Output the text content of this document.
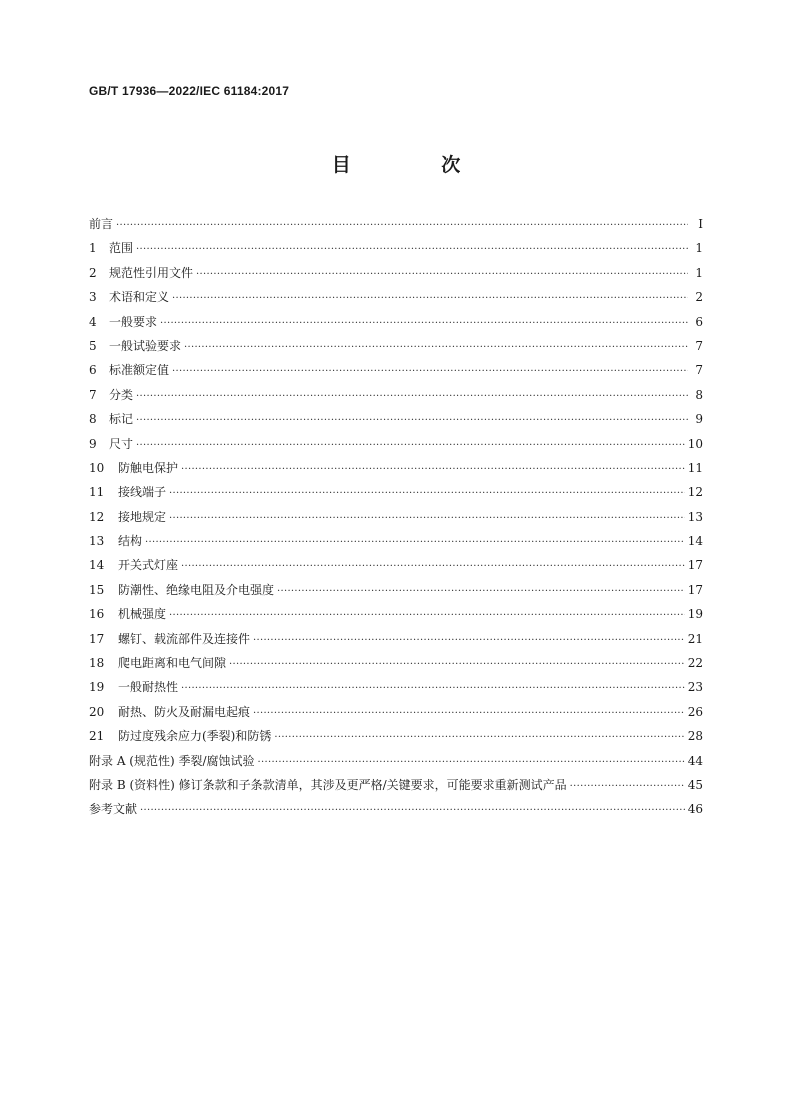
GB/T 17936—2022/IEC 61184:2017
目 次
前言 ·····	Ⅰ
1	范围 ·····	1
2	规范性引用文件 ·····	1
3	术语和定义 ·····	2
4	一般要求 ·····	6
5	一般试验要求 ·····	7
6	标准额定值 ·····	7
7	分类 ·····	8
8	标记 ·····	9
9	尺寸 ·····	10
10	防触电保护 ·····	11
11	接线端子 ·····	12
12	接地规定 ·····	13
13	结构 ·····	14
14	开关式灯座 ·····	17
15	防潮性、绝缘电阻及介电强度 ·····	17
16	机械强度 ·····	19
17	螺钉、载流部件及连接件 ·····	21
18	爬电距离和电气间隙 ·····	22
19	一般耐热性 ·····	23
20	耐热、防火及耐漏电起痕 ·····	26
21	防过度残余应力(季裂)和防锈 ·····	28
附录 A (规范性) 季裂/腐蚀试验 ·····	44
附录 B (资料性) 修订条款和子条款清单，其涉及更严格/关键要求，可能要求重新测试产品 ·····	45
参考文献 ·····	46
